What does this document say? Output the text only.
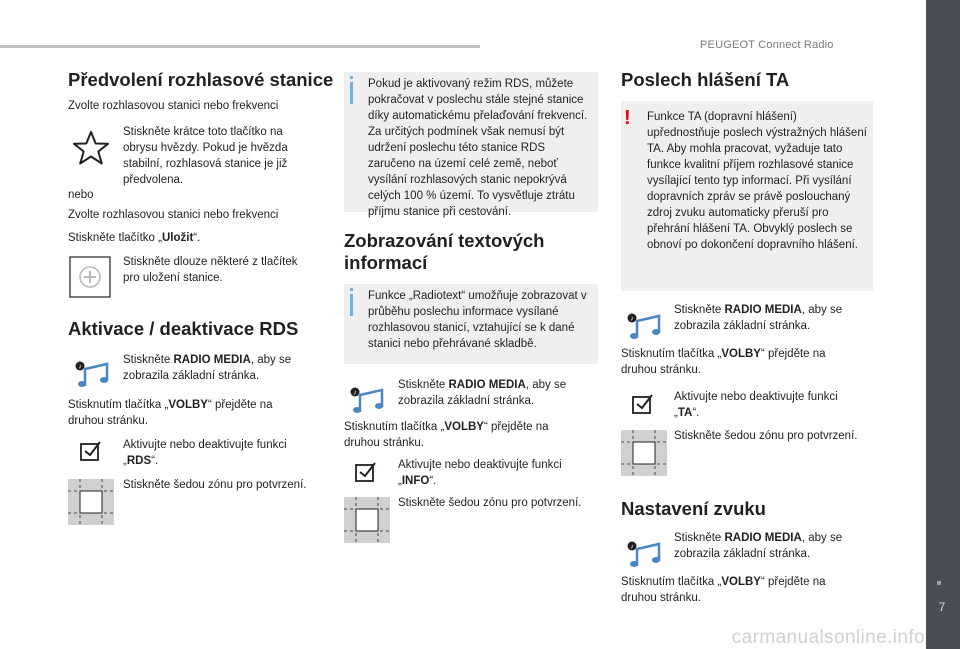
PEUGEOT Connect Radio
7
carmanualsonline.info
Předvolení rozhlasové stanice
Zvolte rozhlasovou stanici nebo frekvenci
Stiskněte krátce toto tlačítko na obrysu hvězdy. Pokud je hvězda stabilní, rozhlasová stanice je již předvolena.
nebo
Zvolte rozhlasovou stanici nebo frekvenci
Stiskněte tlačítko „Uložit“.
Stiskněte dlouze některé z tlačítek pro uložení stanice.
Aktivace / deaktivace RDS
♪
Stiskněte RADIO MEDIA, aby se zobrazila základní stránka.
Stisknutím tlačítka „VOLBY“ přejděte na druhou stránku.
Aktivujte nebo deaktivujte funkci „RDS“.
Stiskněte šedou zónu pro potvrzení.
Pokud je aktivovaný režim RDS, můžete pokračovat v poslechu stále stejné stanice díky automatickému přelaďování frekvencí. Za určitých podmínek však nemusí být udržení poslechu této stanice RDS zaručeno na území celé země, neboť vysílání rozhlasových stanic nepokrývá celých 100 % území. To vysvětluje ztrátu příjmu stanice při cestování.
Zobrazování textových informací
Funkce „Radiotext“ umožňuje zobrazovat v průběhu poslechu informace vysílané rozhlasovou stanicí, vztahující se k dané stanici nebo přehrávané skladbě.
♪
Stiskněte RADIO MEDIA, aby se zobrazila základní stránka.
Stisknutím tlačítka „VOLBY“ přejděte na druhou stránku.
Aktivujte nebo deaktivujte funkci „INFO“.
Stiskněte šedou zónu pro potvrzení.
Poslech hlášení TA
! Funkce TA (dopravní hlášení) upřednostňuje poslech výstražných hlášení TA. Aby mohla pracovat, vyžaduje tato funkce kvalitní příjem rozhlasové stanice vysílající tento typ informací. Při vysílání dopravních zpráv se právě poslouchaný zdroj zvuku automaticky přeruší pro přehrání hlášení TA. Obvyklý poslech se obnoví po dokončení dopravního hlášení.
♪
Stiskněte RADIO MEDIA, aby se zobrazila základní stránka.
Stisknutím tlačítka „VOLBY“ přejděte na druhou stránku.
Aktivujte nebo deaktivujte funkci „TA“.
Stiskněte šedou zónu pro potvrzení.
Nastavení zvuku
♪
Stiskněte RADIO MEDIA, aby se zobrazila základní stránka.
Stisknutím tlačítka „VOLBY“ přejděte na druhou stránku.
